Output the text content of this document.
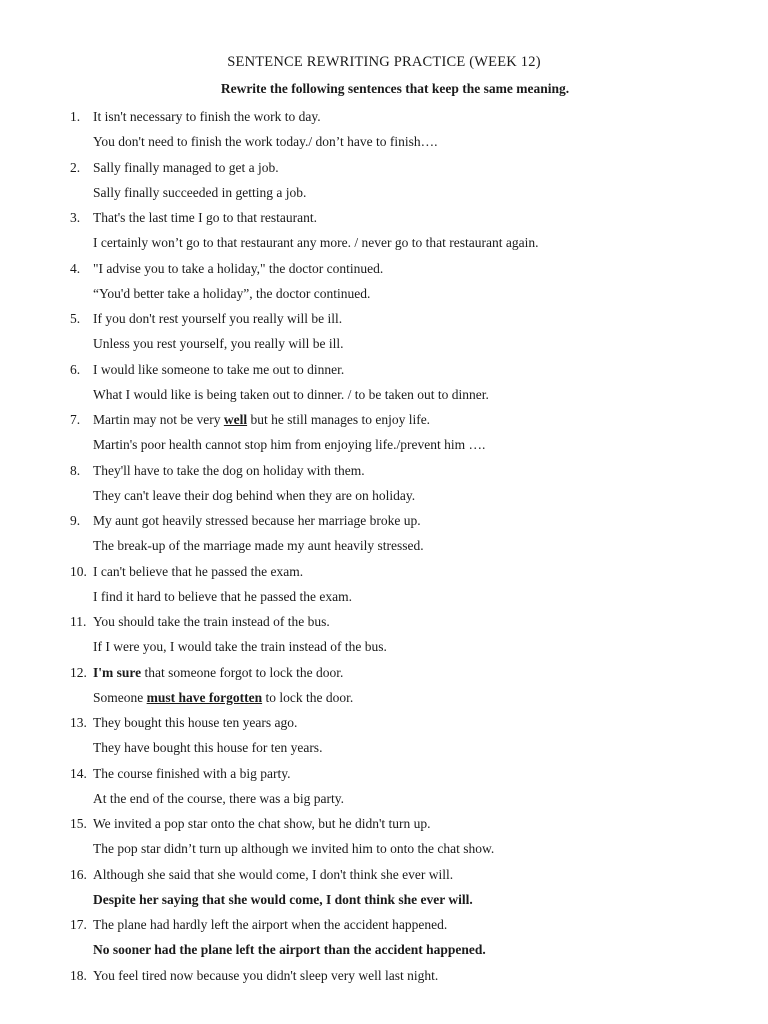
SENTENCE REWRITING PRACTICE (WEEK 12)
Rewrite the following sentences that keep the same meaning.
1. It isn't necessary to finish the work to day.
You don't need to finish the work today./ don’t have to finish….
2. Sally finally managed to get a job.
Sally finally succeeded in getting a job.
3. That's the last time I go to that restaurant.
I certainly won’t go to that restaurant any more. / never go to that restaurant again.
4. "I advise you to take a holiday," the doctor continued.
“You'd better take a holiday”, the doctor continued.
5. If you don't rest yourself you really will be ill.
Unless you rest yourself, you really will be ill.
6. I would like someone to take me out to dinner.
What I would like is being taken out to dinner. / to be taken out to dinner.
7. Martin may not be very well but he still manages to enjoy life.
Martin's poor health cannot stop him from enjoying life./prevent him ….
8. They'll have to take the dog on holiday with them.
They can't leave their dog behind when they are on holiday.
9. My aunt got heavily stressed because her marriage broke up.
The break-up of the marriage made my aunt heavily stressed.
10. I can't believe that he passed the exam.
I find it hard to believe that he passed the exam.
11. You should take the train instead of the bus.
If I were you, I would take the train instead of the bus.
12. I'm sure that someone forgot to lock the door.
Someone must have forgotten to lock the door.
13. They bought this house ten years ago.
They have bought this house for ten years.
14. The course finished with a big party.
At the end of the course, there was a big party.
15. We invited a pop star onto the chat show, but he didn't turn up.
The pop star didn’t turn up although we invited him to onto the chat show.
16. Although she said that she would come, I don't think she ever will.
Despite her saying that she would come, I dont think she ever will.
17. The plane had hardly left the airport when the accident happened.
No sooner had the plane left the airport than the accident happened.
18. You feel tired now because you didn't sleep very well last night.
